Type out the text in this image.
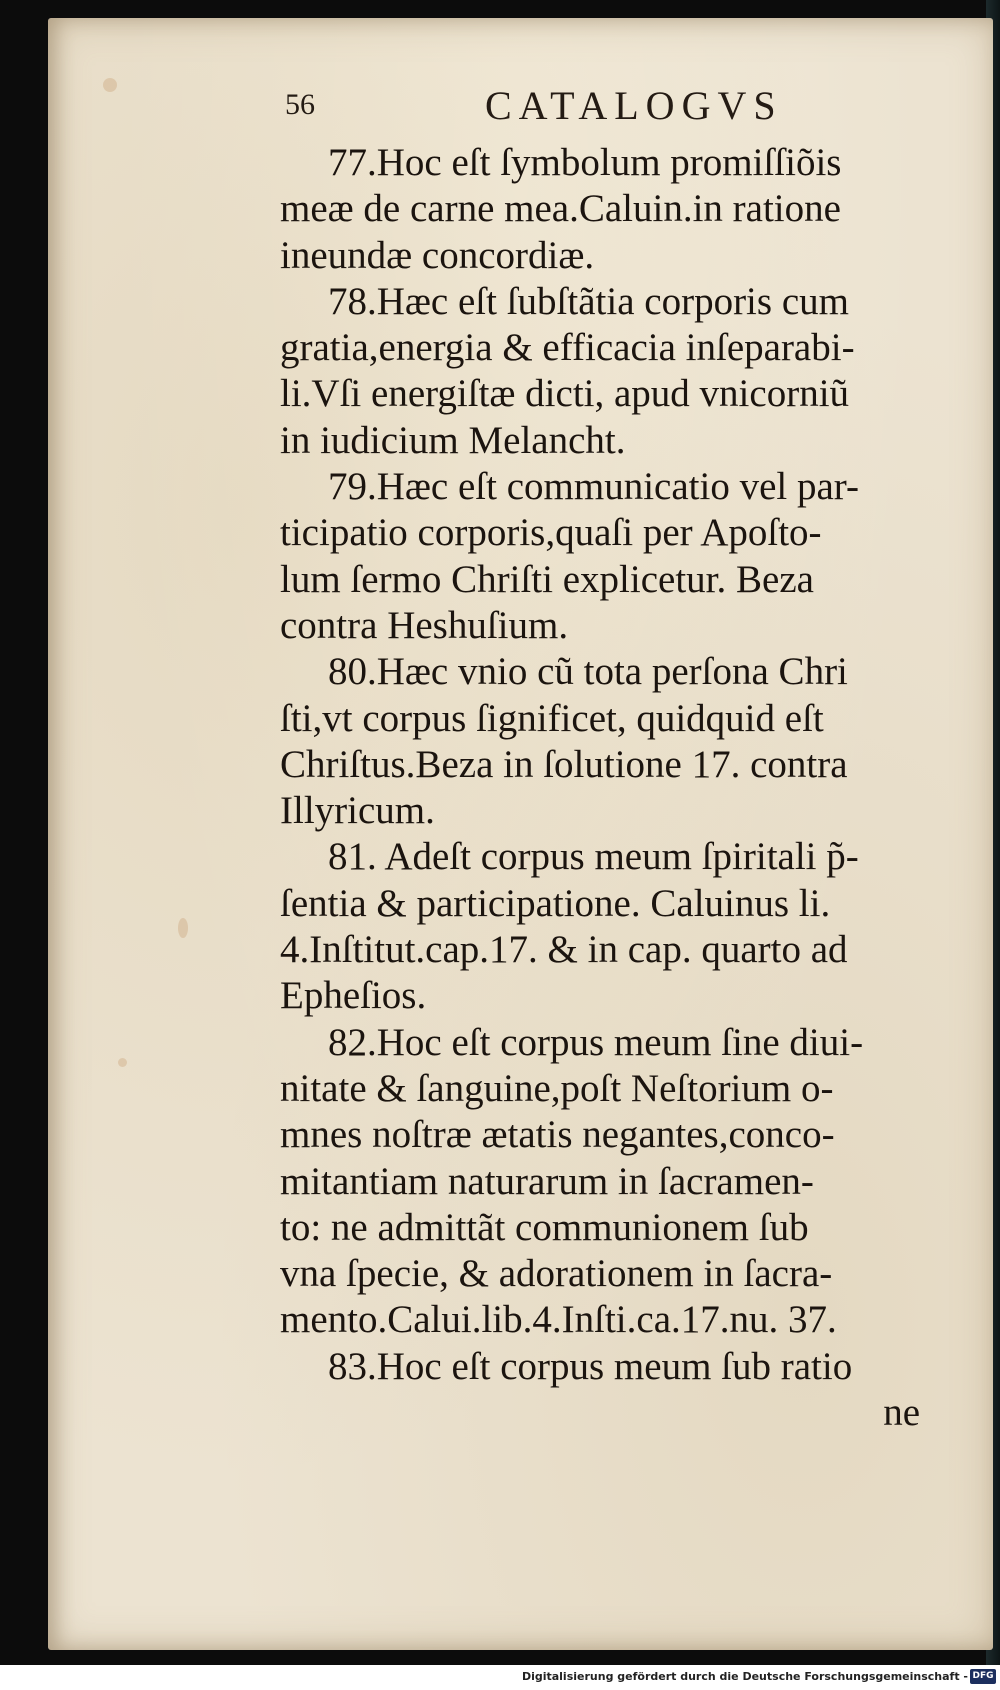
56	CATALOGVS
77.Hoc eſt ſymbolum promiſſiõis
meæ de carne mea.Caluin.in ratione
ineundæ concordiæ.
78.Hæc eſt ſubſtãtia corporis cum
gratia,energia & efficacia inſeparabi-
li.Vſi energiſtæ dicti, apud vnicorniũ
in iudicium Melancht.
79.Hæc eſt communicatio vel par-
ticipatio corporis,quaſi per Apoſto-
lum ſermo Chriſti explicetur. Beza
contra Heshuſium.
80.Hæc vnio cũ tota perſona Chri
ſti,vt corpus ſignificet, quidquid eſt
Chriſtus.Beza in ſolutione 17. contra
Illyricum.
81. Adeſt corpus meum ſpiritali p̃-
ſentia & participatione. Caluinus li.
4.Inſtitut.cap.17. & in cap. quarto ad
Epheſios.
82.Hoc eſt corpus meum ſine diui-
nitate & ſanguine,poſt Neſtorium o-
mnes noſtræ ætatis negantes,conco-
mitantiam naturarum in ſacramen-
to: ne admittãt communionem ſub
vna ſpecie, & adorationem in ſacra-
mento.Calui.lib.4.Inſti.ca.17.nu. 37.
83.Hoc eſt corpus meum ſub ratio
ne
Digitalisierung gefördert durch die Deutsche Forschungsgemeinschaft - DFG
